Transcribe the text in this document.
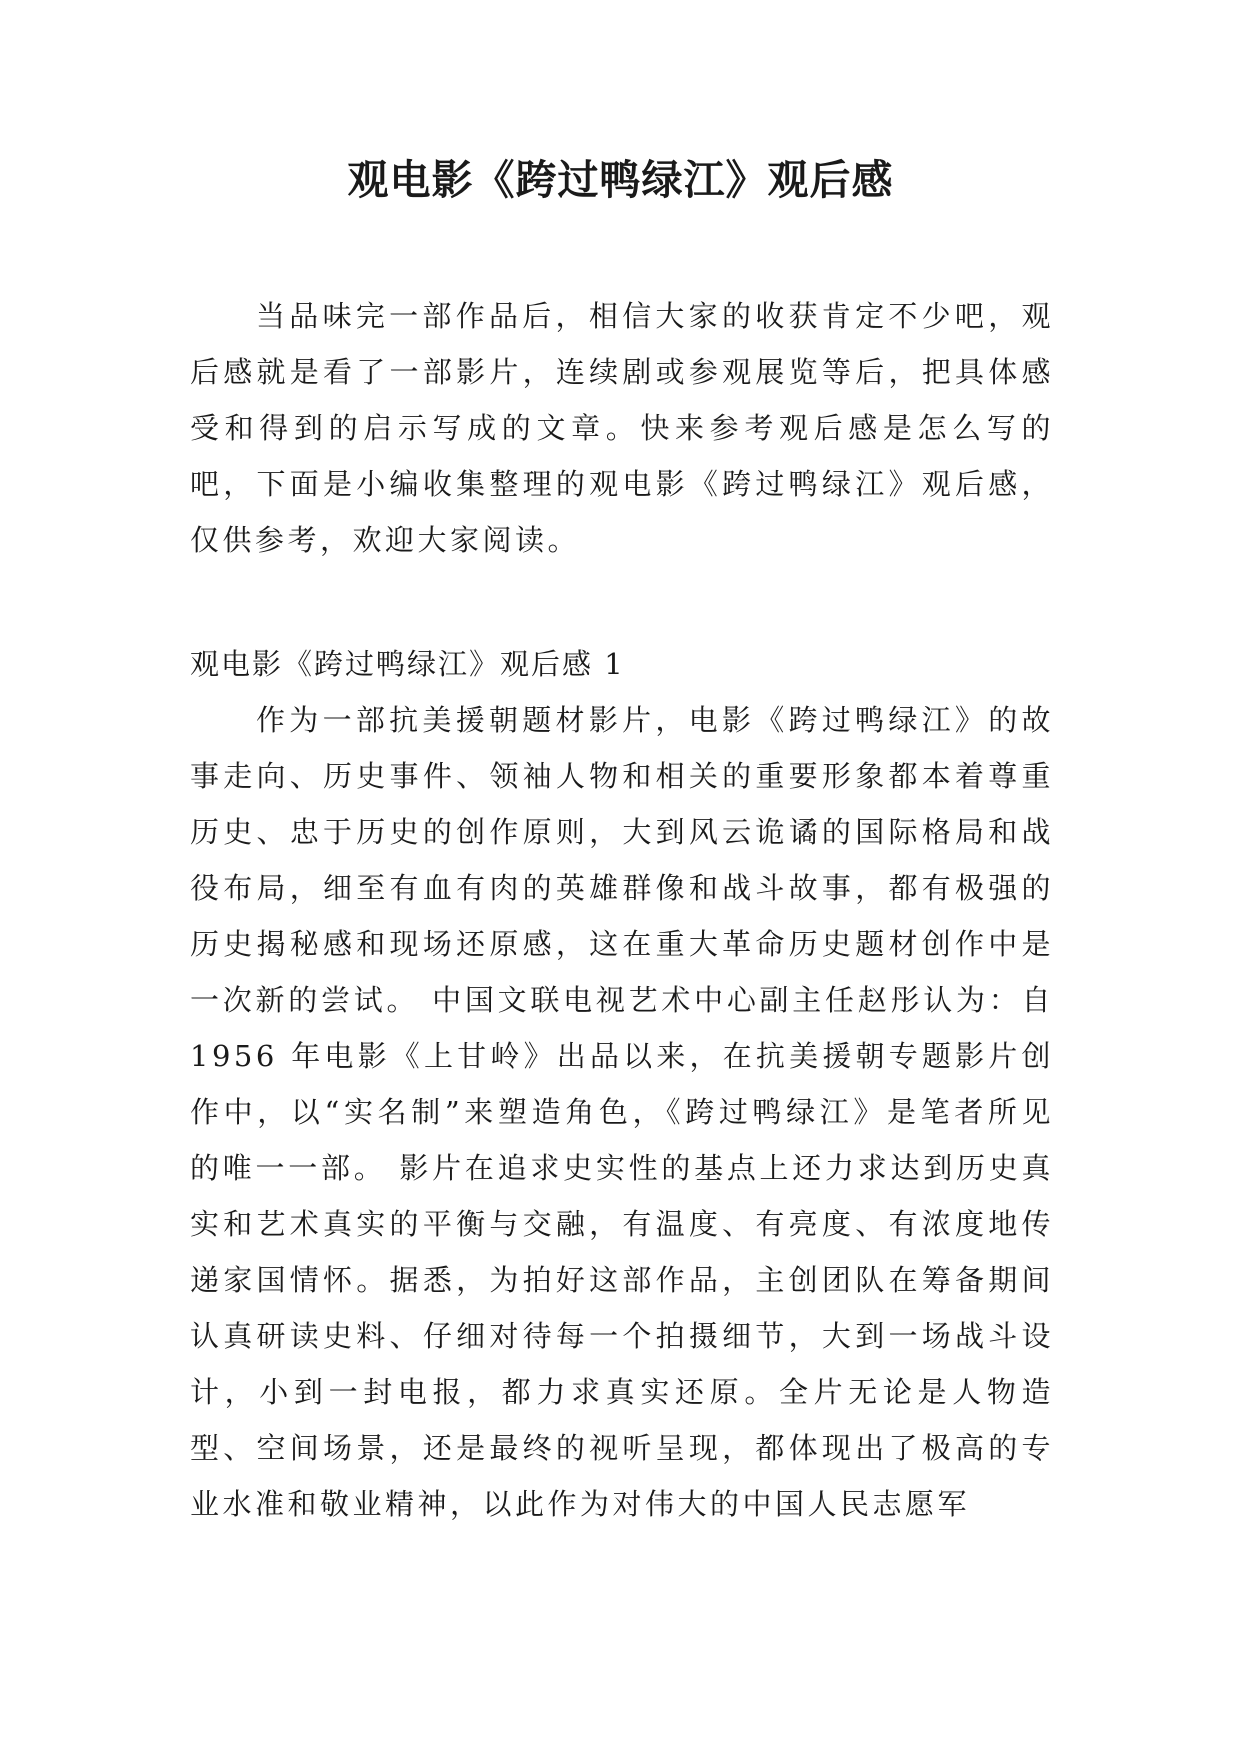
观电影《跨过鸭绿江》观后感

当品味完一部作品后，相信大家的收获肯定不少吧，观后感就是看了一部影片，连续剧或参观展览等后，把具体感受和得到的启示写成的文章。快来参考观后感是怎么写的吧，下面是小编收集整理的观电影《跨过鸭绿江》观后感，仅供参考，欢迎大家阅读。

观电影《跨过鸭绿江》观后感 1

作为一部抗美援朝题材影片，电影《跨过鸭绿江》的故事走向、历史事件、领袖人物和相关的重要形象都本着尊重历史、忠于历史的创作原则，大到风云诡谲的国际格局和战役布局，细至有血有肉的英雄群像和战斗故事，都有极强的历史揭秘感和现场还原感，这在重大革命历史题材创作中是一次新的尝试。 中国文联电视艺术中心副主任赵彤认为：自 1956 年电影《上甘岭》出品以来，在抗美援朝专题影片创作中，以“实名制”来塑造角色，《跨过鸭绿江》是笔者所见的唯一一部。 影片在追求史实性的基点上还力求达到历史真实和艺术真实的平衡与交融，有温度、有亮度、有浓度地传递家国情怀。据悉，为拍好这部作品，主创团队在筹备期间认真研读史料、仔细对待每一个拍摄细节，大到一场战斗设计，小到一封电报，都力求真实还原。全片无论是人物造型、空间场景，还是最终的视听呈现，都体现出了极高的专业水准和敬业精神，以此作为对伟大的中国人民志愿军
